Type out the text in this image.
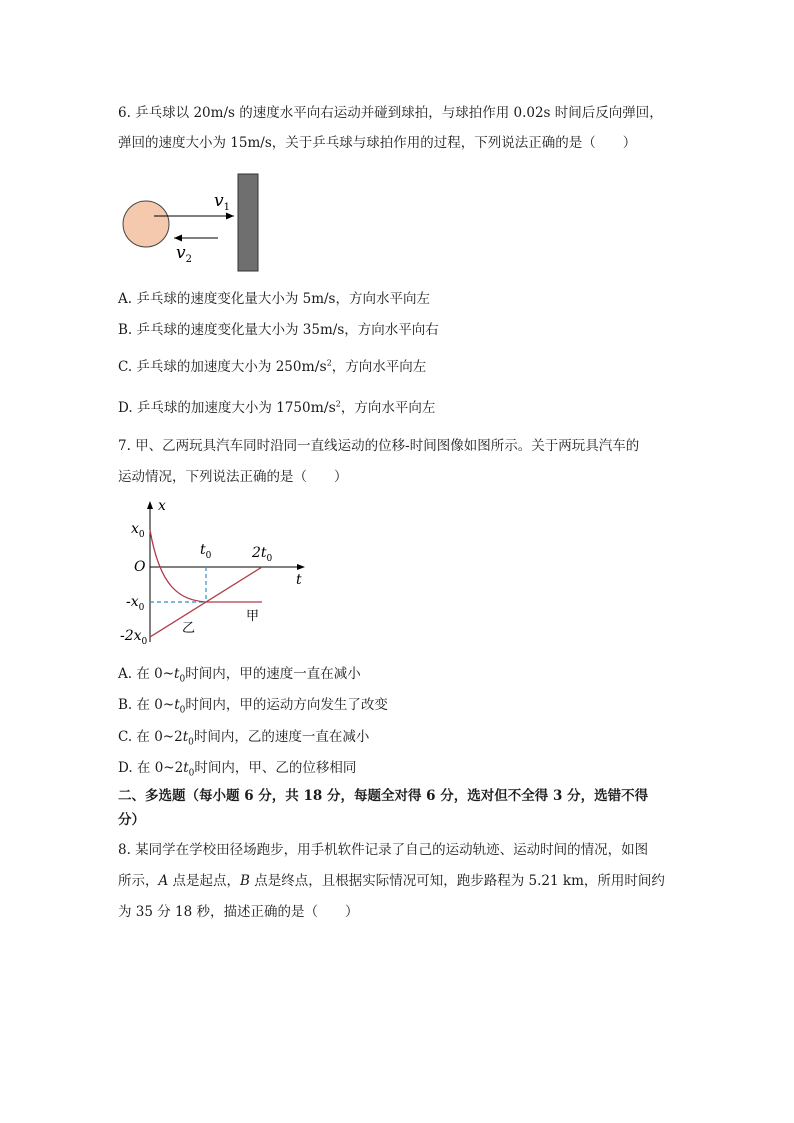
6. 乒乓球以 20m/s 的速度水平向右运动并碰到球拍，与球拍作用 0.02s 时间后反向弹回，
弹回的速度大小为 15m/s，关于乒乓球与球拍作用的过程，下列说法正确的是（　　）
$v_1$
$v_2$
A. 乒乓球的速度变化量大小为 5m/s，方向水平向左
B. 乒乓球的速度变化量大小为 35m/s，方向水平向右
C. 乒乓球的加速度大小为 $250m/s^2$，方向水平向左
D. 乒乓球的加速度大小为 $1750m/s^2$，方向水平向左
7. 甲、乙两玩具汽车同时沿同一直线运动的位移-时间图像如图所示。关于两玩具汽车的
运动情况，下列说法正确的是（　　）
x
t
O
$x_0$
$-x_0$
$-2x_0$
$t_0$	$2t_0$
甲
乙
A. 在 $0\sim t_0$时间内，甲的速度一直在减小
B. 在 $0\sim t_0$时间内，甲的运动方向发生了改变
C. 在 $0\sim 2t_0$时间内，乙的速度一直在减小
D. 在 $0\sim 2t_0$时间内，甲、乙的位移相同
二、多选题（每小题 6 分，共 18 分，每题全对得 6 分，选对但不全得 3 分，选错不得
分）
8. 某同学在学校田径场跑步，用手机软件记录了自己的运动轨迹、运动时间的情况，如图
所示，A 点是起点，B 点是终点，且根据实际情况可知，跑步路程为 5.21 km，所用时间约
为 35 分 18 秒，描述正确的是（　　）
